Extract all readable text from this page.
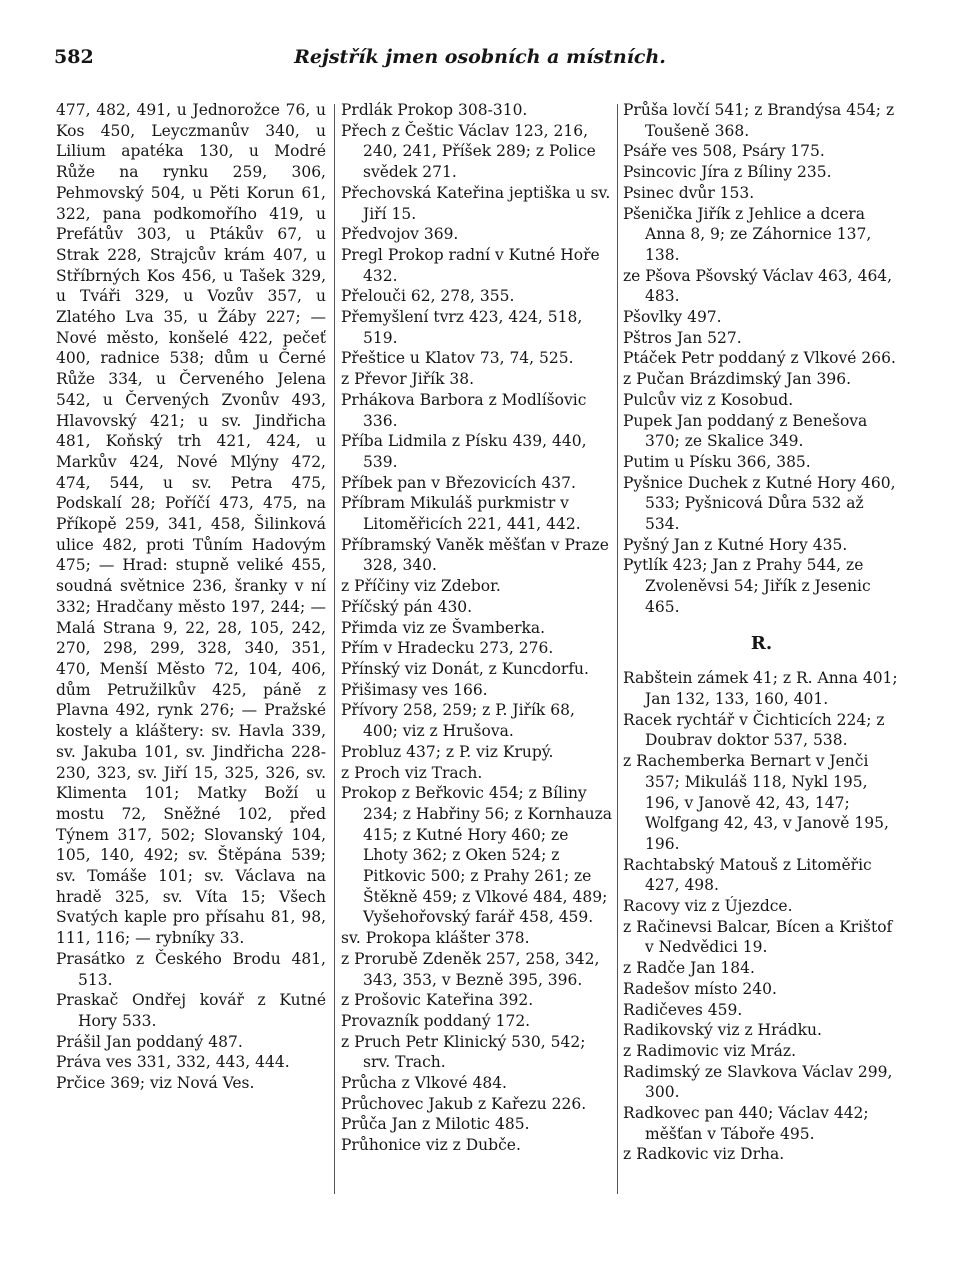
582	Rejstřík jmen osobních a místních.

477, 482, 491, u Jednorožce 76, u Kos 450, Leyczmanův 340, u Lilium apatéka 130, u Modré Růže na rynku 259, 306, Pehmovský 504, u Pěti Korun 61, 322, pana podkomořího 419, u Prefátův 303, u Ptákův 67, u Strak 228, Strajcův krám 407, u Stříbrných Kos 456, u Tašek 329, u Tváři 329, u Vozův 357, u Zlatého Lva 35, u Žáby 227; — Nové město, konšelé 422, pečeť 400, radnice 538; dům u Černé Růže 334, u Červeného Jelena 542, u Červených Zvonův 493, Hlavovský 421; u sv. Jindřicha 481, Koňský trh 421, 424, u Markův 424, Nové Mlýny 472, 474, 544, u sv. Petra 475, Podskalí 28; Poříčí 473, 475, na Příkopě 259, 341, 458, Šilinková ulice 482, proti Tůním Hadovým 475; — Hrad: stupně veliké 455, soudná světnice 236, šranky v ní 332; Hradčany město 197, 244; — Malá Strana 9, 22, 28, 105, 242, 270, 298, 299, 328, 340, 351, 470, Menší Město 72, 104, 406, dům Petružilkův 425, páně z Plavna 492, rynk 276; — Pražské kostely a kláštery: sv. Havla 339, sv. Jakuba 101, sv. Jindřicha 228-230, 323, sv. Jiří 15, 325, 326, sv. Klimenta 101; Matky Boží u mostu 72, Sněžné 102, před Týnem 317, 502; Slovanský 104, 105, 140, 492; sv. Štěpána 539; sv. Tomáše 101; sv. Václava na hradě 325, sv. Víta 15; Všech Svatých kaple pro přísahu 81, 98, 111, 116; — rybníky 33.

Prasátko z Českého Brodu 481, 513.

Praskač Ondřej kovář z Kutné Hory 533.

Prášil Jan poddaný 487.

Práva ves 331, 332, 443, 444.

Prčice 369; viz Nová Ves.

Prdlák Prokop 308-310.

Přech z Češtic Václav 123, 216, 240, 241, Příšek 289; z Police svědek 271.

Přechovská Kateřina jeptiška u sv. Jiří 15.

Předvojov 369.

Pregl Prokop radní v Kutné Hoře 432.

Přelouči 62, 278, 355.

Přemyšlení tvrz 423, 424, 518, 519.

Přeštice u Klatov 73, 74, 525.

z Převor Jiřík 38.

Prhákova Barbora z Modlíšovic 336.

Příba Lidmila z Písku 439, 440, 539.

Příbek pan v Březovicích 437.

Příbram Mikuláš purkmistr v Litoměřicích 221, 441, 442.

Příbramský Vaněk měšťan v Praze 328, 340.

z Příčiny viz Zdebor.

Příčský pán 430.

Přimda viz ze Švamberka.

Přím v Hradecku 273, 276.

Přínský viz Donát, z Kuncdorfu.

Přišimasy ves 166.

Přívory 258, 259; z P. Jiřík 68, 400; viz z Hrušova.

Probluz 437; z P. viz Krupý.

z Proch viz Trach.

Prokop z Beřkovic 454; z Bíliny 234; z Habřiny 56; z Kornhauza 415; z Kutné Hory 460; ze Lhoty 362; z Oken 524; z Pitkovic 500; z Prahy 261; ze Štěkně 459; z Vlkové 484, 489; Vyšehořovský farář 458, 459.

sv. Prokopa klášter 378.

z Prorubě Zdeněk 257, 258, 342, 343, 353, v Bezně 395, 396.

z Prošovic Kateřina 392.

Provazník poddaný 172.

z Pruch Petr Klinický 530, 542; srv. Trach.

Průcha z Vlkové 484.

Průchovec Jakub z Kařezu 226.

Průča Jan z Milotic 485.

Průhonice viz z Dubče.

Průša lovčí 541; z Brandýsa 454; z Toušeně 368.

Psáře ves 508, Psáry 175.

Psincovic Jíra z Bíliny 235.

Psinec dvůr 153.

Pšenička Jiřík z Jehlice a dcera Anna 8, 9; ze Záhornice 137, 138.

ze Pšova Pšovský Václav 463, 464, 483.

Pšovlky 497.

Pštros Jan 527.

Ptáček Petr poddaný z Vlkové 266.

z Pučan Brázdimský Jan 396.

Pulcův viz z Kosobud.

Pupek Jan poddaný z Benešova 370; ze Skalice 349.

Putim u Písku 366, 385.

Pyšnice Duchek z Kutné Hory 460, 533; Pyšnicová Důra 532 až 534.

Pyšný Jan z Kutné Hory 435.

Pytlík 423; Jan z Prahy 544, ze Zvoleněvsi 54; Jiřík z Jesenic 465.

R.

Rabštein zámek 41; z R. Anna 401; Jan 132, 133, 160, 401.

Racek rychtář v Čichticích 224; z Doubrav doktor 537, 538.

z Rachemberka Bernart v Jenči 357; Mikuláš 118, Nykl 195, 196, v Janově 42, 43, 147; Wolfgang 42, 43, v Janově 195, 196.

Rachtabský Matouš z Litoměřic 427, 498.

Racovy viz z Újezdce.

z Račinevsi Balcar, Bícen a Krištof v Nedvědici 19.

z Radče Jan 184.

Radešov místo 240.

Radičeves 459.

Radikovský viz z Hrádku.

z Radimovic viz Mráz.

Radimský ze Slavkova Václav 299, 300.

Radkovec pan 440; Václav 442; měšťan v Táboře 495.

z Radkovic viz Drha.
